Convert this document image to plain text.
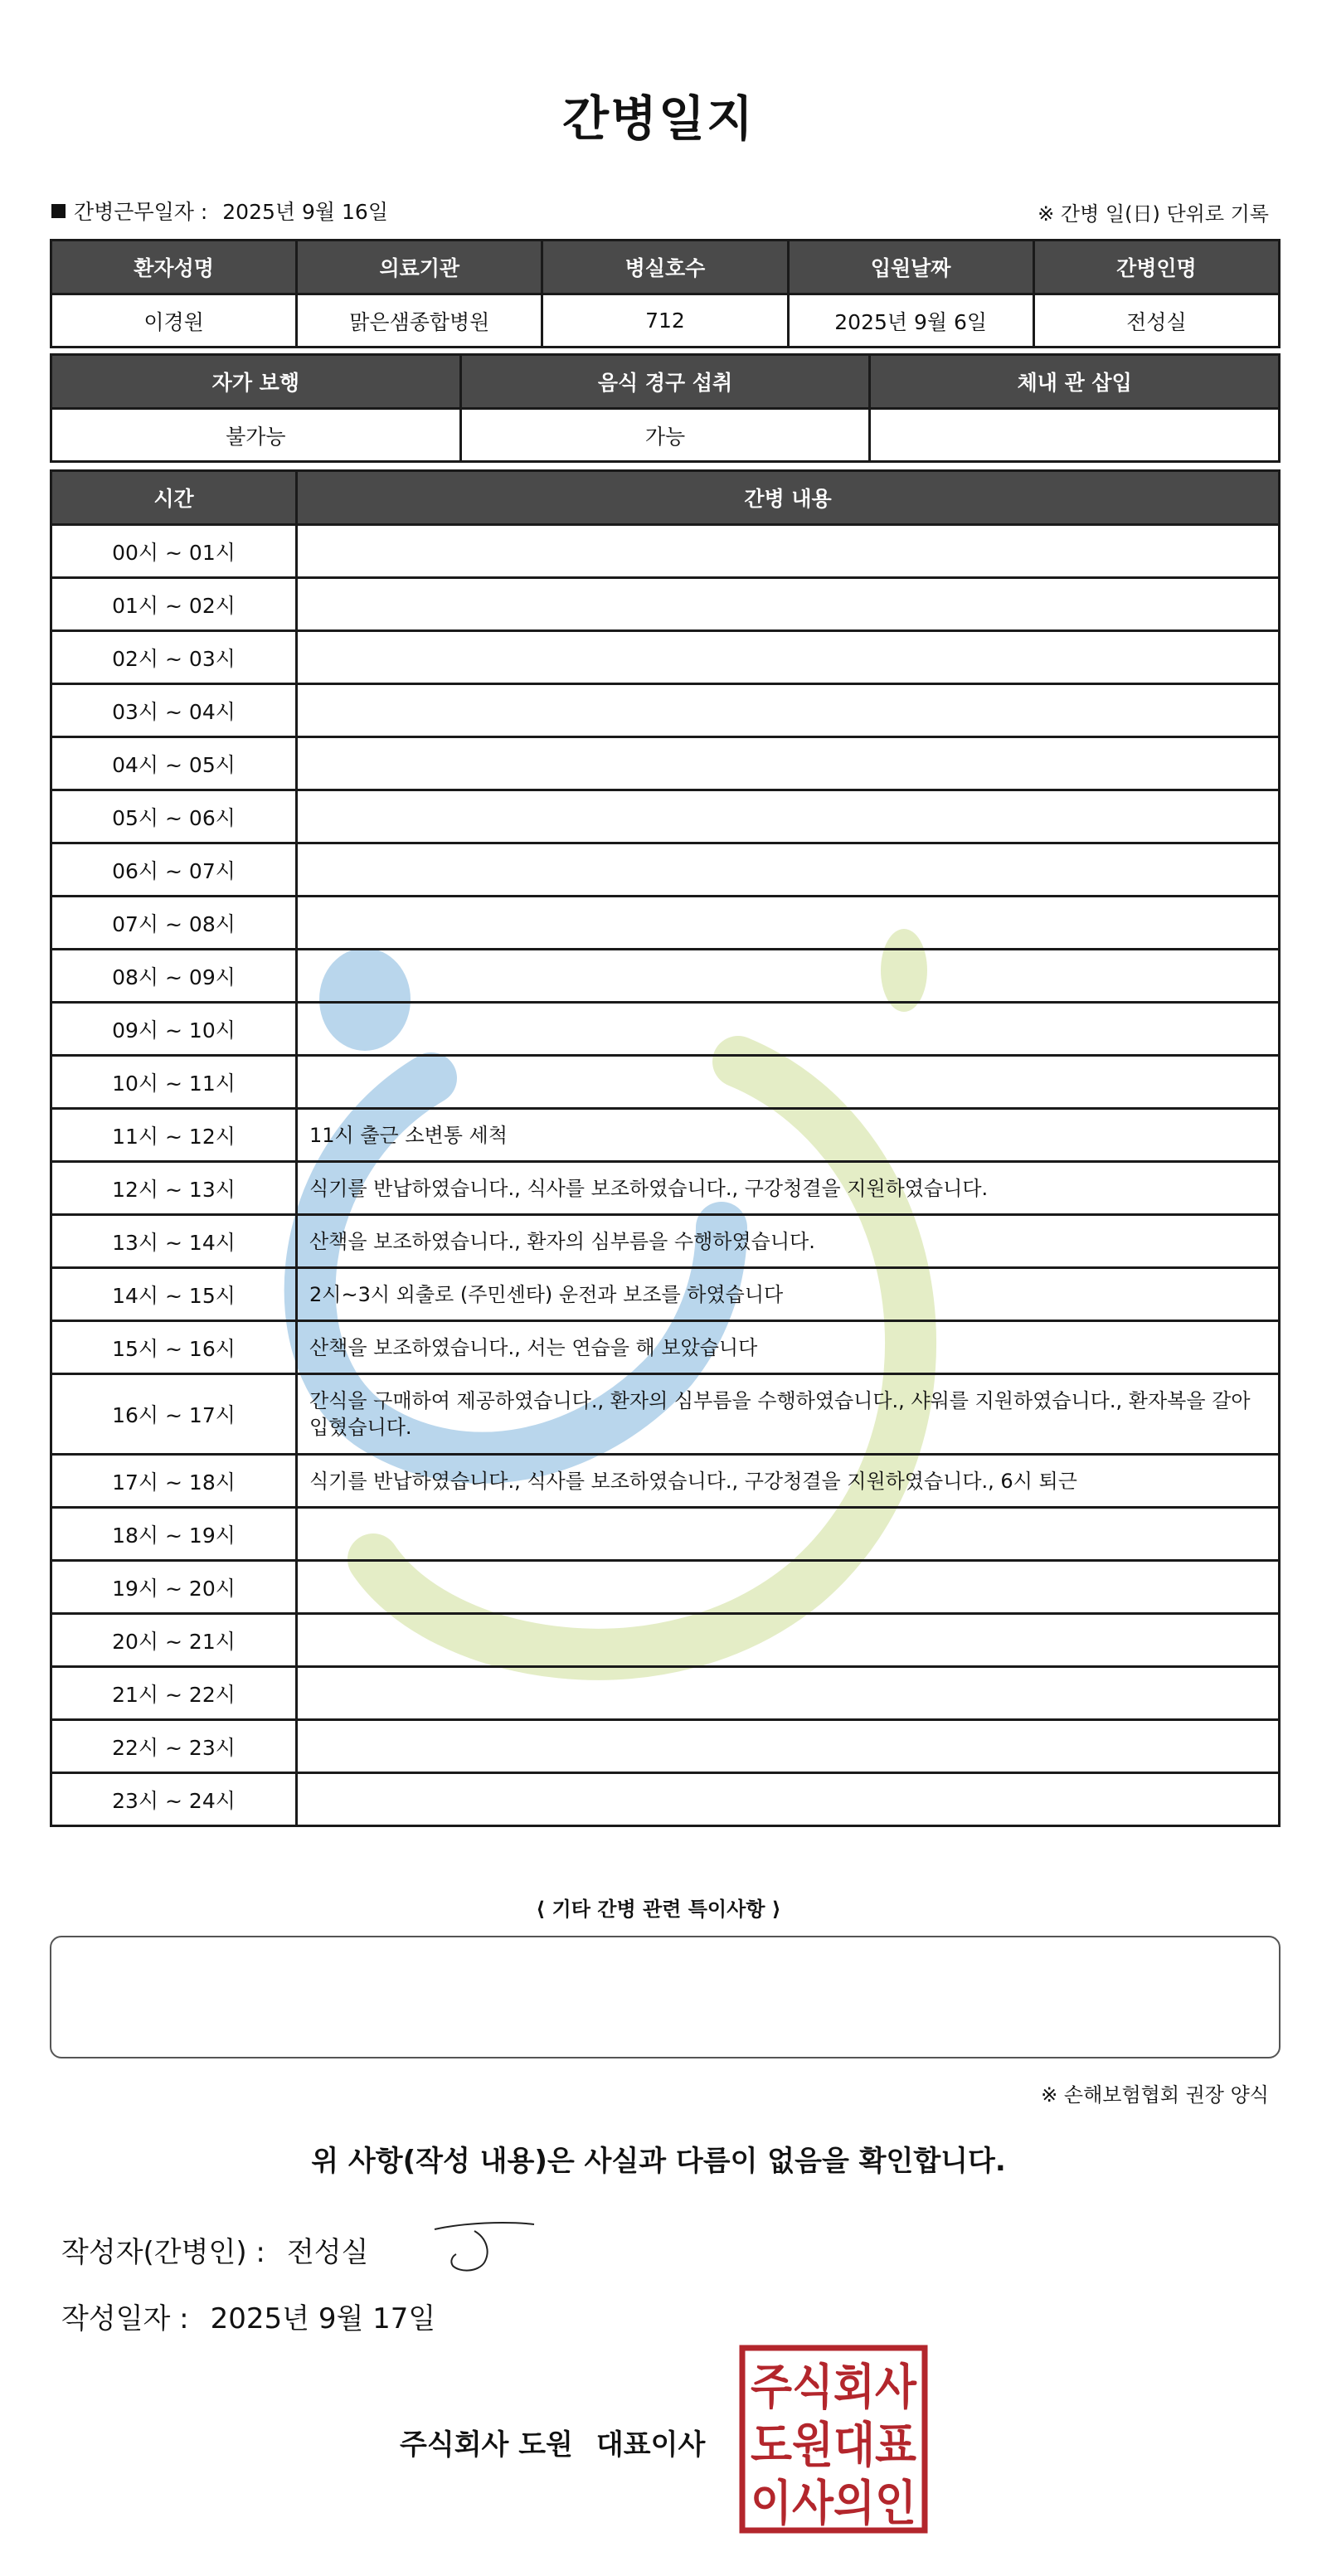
간병일지
간병근무일자 : 2025년 9월 16일	※ 간병 일(日) 단위로 기록
환자성명	의료기관	병실호수	입원날짜	간병인명
이경원	맑은샘종합병원	712	2025년 9월 6일	전성실
자가 보행	음식 경구 섭취	체내 관 삽입
불가능	가능	
시간	간병 내용
00시 ~ 01시	
01시 ~ 02시	
02시 ~ 03시	
03시 ~ 04시	
04시 ~ 05시	
05시 ~ 06시	
06시 ~ 07시	
07시 ~ 08시	
08시 ~ 09시	
09시 ~ 10시	
10시 ~ 11시	
11시 ~ 12시	11시 출근 소변통 세척
12시 ~ 13시	식기를 반납하였습니다., 식사를 보조하였습니다., 구강청결을 지원하였습니다.
13시 ~ 14시	산책을 보조하였습니다., 환자의 심부름을 수행하였습니다.
14시 ~ 15시	2시~3시 외출로 (주민센타) 운전과 보조를 하였습니다
15시 ~ 16시	산책을 보조하였습니다., 서는 연습을 해 보았습니다
16시 ~ 17시	간식을 구매하여 제공하였습니다., 환자의 심부름을 수행하였습니다., 샤워를 지원하였습니다., 환자복을 갈아입혔습니다.
17시 ~ 18시	식기를 반납하였습니다., 식사를 보조하였습니다., 구강청결을 지원하였습니다., 6시 퇴근
18시 ~ 19시	
19시 ~ 20시	
20시 ~ 21시	
21시 ~ 22시	
22시 ~ 23시	
23시 ~ 24시	
⟨ 기타 간병 관련 특이사항 ⟩
※ 손해보험협회 권장 양식
위 사항(작성 내용)은 사실과 다름이 없음을 확인합니다.
작성자(간병인) : 전성실
작성일자 : 2025년 9월 17일
주식회사 도원 대표이사
주식회사
도원대표
이사의인
